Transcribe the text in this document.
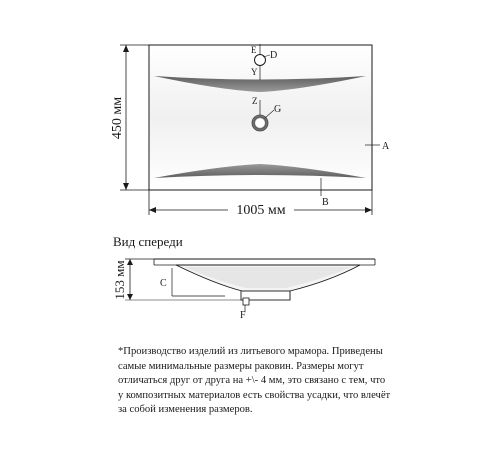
E D
Y
Z
G
A
B
450 мм
1005 мм
Вид спереди
C
F
153 мм
*Производство изделий из литьевого мрамора. Приведены
самые минимальные размеры раковин. Размеры могут
отличаться друг от друга на +\- 4 мм, это связано с тем, что
у композитных материалов есть свойства усадки, что влечёт
за собой изменения размеров.
